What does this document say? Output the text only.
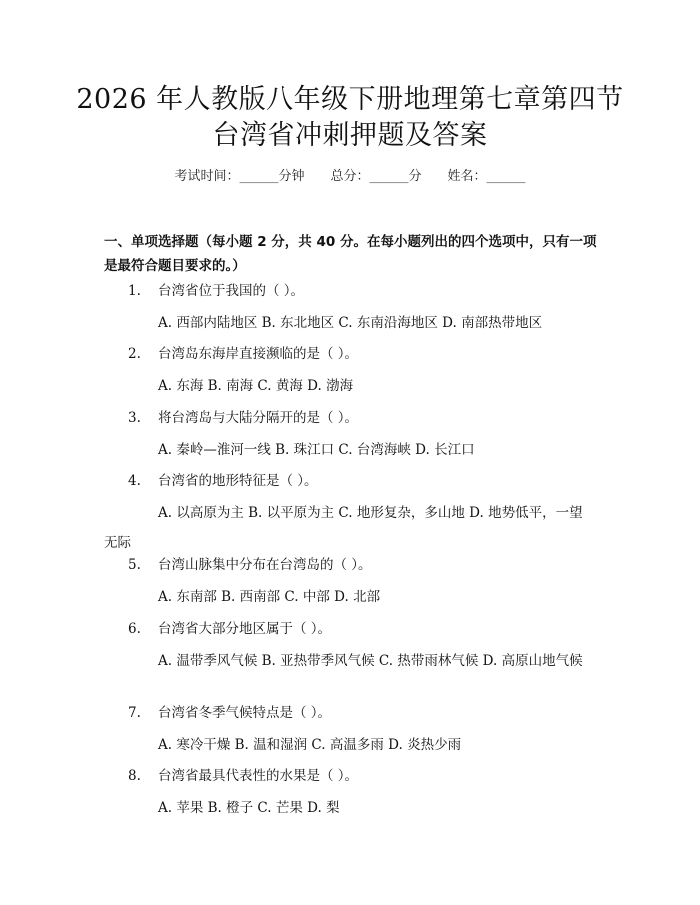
2026 年人教版八年级下册地理第七章第四节
台湾省冲刺押题及答案
考试时间：______分钟 总分：______分 姓名：______
一、单项选择题（每小题 2 分，共 40 分。在每小题列出的四个选项中，只有一项是最符合题目要求的。）
1. 台湾省位于我国的（ ）。
A. 西部内陆地区 B. 东北地区 C. 东南沿海地区 D. 南部热带地区
2. 台湾岛东海岸直接濒临的是（ ）。
A. 东海 B. 南海 C. 黄海 D. 渤海
3. 将台湾岛与大陆分隔开的是（ ）。
A. 秦岭—淮河一线 B. 珠江口 C. 台湾海峡 D. 长江口
4. 台湾省的地形特征是（ ）。
A. 以高原为主 B. 以平原为主 C. 地形复杂，多山地 D. 地势低平，一望无际
5. 台湾山脉集中分布在台湾岛的（ ）。
A. 东南部 B. 西南部 C. 中部 D. 北部
6. 台湾省大部分地区属于（ ）。
A. 温带季风气候 B. 亚热带季风气候 C. 热带雨林气候 D. 高原山地气候
7. 台湾省冬季气候特点是（ ）。
A. 寒冷干燥 B. 温和湿润 C. 高温多雨 D. 炎热少雨
8. 台湾省最具代表性的水果是（ ）。
A. 苹果 B. 橙子 C. 芒果 D. 梨
